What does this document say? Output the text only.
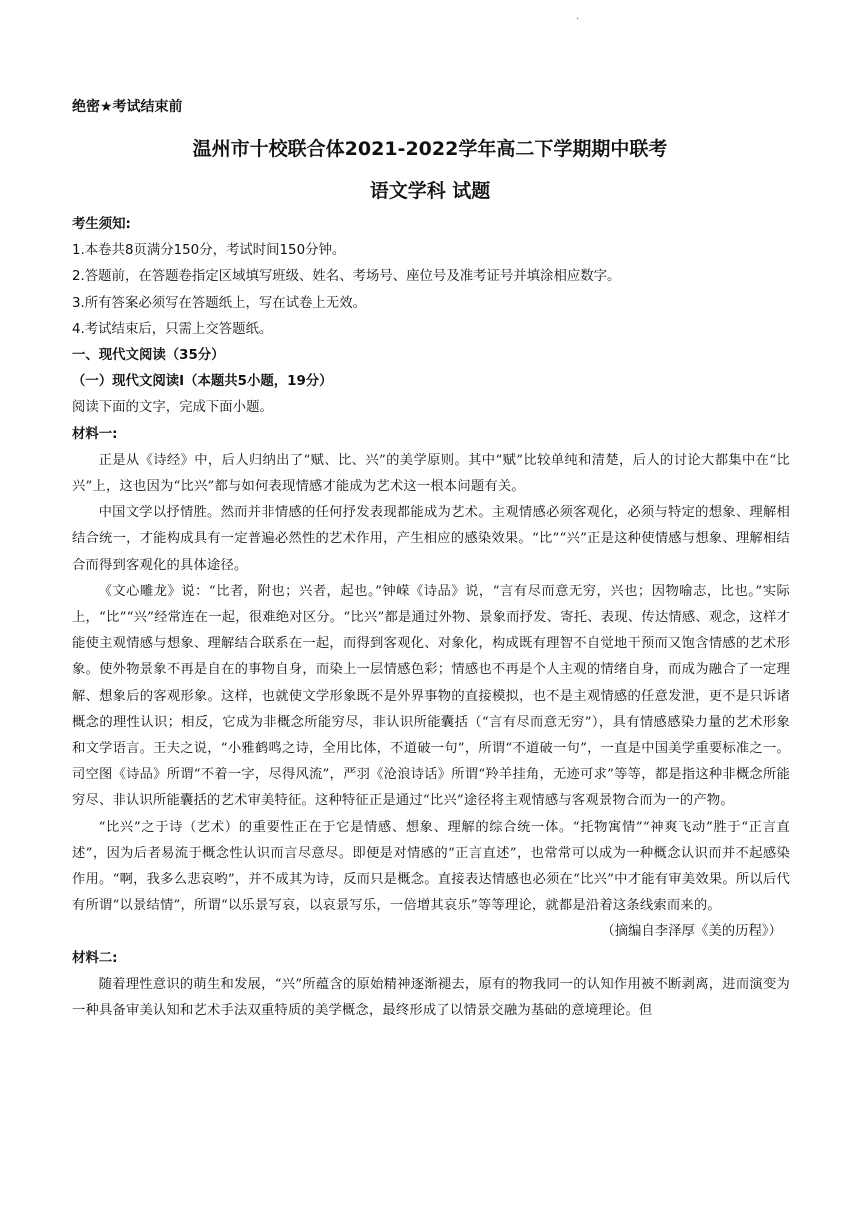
·
绝密★考试结束前
温州市十校联合体2021-2022学年高二下学期期中联考
语文学科 试题

考生须知:

1.本卷共8页满分150分，考试时间150分钟。

2.答题前，在答题卷指定区域填写班级、姓名、考场号、座位号及准考证号并填涂相应数字。

3.所有答案必须写在答题纸上，写在试卷上无效。

4.考试结束后，只需上交答题纸。

一、现代文阅读（35分）

（一）现代文阅读Ⅰ（本题共5小题，19分）

阅读下面的文字，完成下面小题。

材料一:

正是从《诗经》中，后人归纳出了“赋、比、兴”的美学原则。其中“赋”比较单纯和清楚，后人的讨论大都集中在“比兴”上，这也因为“比兴”都与如何表现情感才能成为艺术这一根本问题有关。

中国文学以抒情胜。然而并非情感的任何抒发表现都能成为艺术。主观情感必须客观化，必须与特定的想象、理解相结合统一，才能构成具有一定普遍必然性的艺术作用，产生相应的感染效果。“比”“兴”正是这种使情感与想象、理解相结合而得到客观化的具体途径。

《文心雕龙》说：“比者，附也；兴者，起也。”钟嵘《诗品》说，“言有尽而意无穷，兴也；因物喻志，比也。”实际上，“比”“兴”经常连在一起，很难绝对区分。“比兴”都是通过外物、景象而抒发、寄托、表现、传达情感、观念，这样才能使主观情感与想象、理解结合联系在一起，而得到客观化、对象化，构成既有理智不自觉地干预而又饱含情感的艺术形象。使外物景象不再是自在的事物自身，而染上一层情感色彩；情感也不再是个人主观的情绪自身，而成为融合了一定理解、想象后的客观形象。这样，也就使文学形象既不是外界事物的直接模拟，也不是主观情感的任意发泄，更不是只诉诸概念的理性认识；相反，它成为非概念所能穷尽，非认识所能囊括（“言有尽而意无穷”），具有情感感染力量的艺术形象和文学语言。王夫之说，“小雅鹤鸣之诗，全用比体，不道破一句”，所谓“不道破一句”，一直是中国美学重要标准之一。司空图《诗品》所谓“不着一字，尽得风流”，严羽《沧浪诗话》所谓“羚羊挂角，无迹可求”等等，都是指这种非概念所能穷尽、非认识所能囊括的艺术审美特征。这种特征正是通过“比兴”途径将主观情感与客观景物合而为一的产物。

“比兴”之于诗（艺术）的重要性正在于它是情感、想象、理解的综合统一体。“托物寓情”“神爽飞动”胜于“正言直述”，因为后者易流于概念性认识而言尽意尽。即便是对情感的“正言直述”，也常常可以成为一种概念认识而并不起感染作用。“啊，我多么悲哀哟”，并不成其为诗，反而只是概念。直接表达情感也必须在“比兴”中才能有审美效果。所以后代有所谓“以景结情”，所谓“以乐景写哀，以哀景写乐，一倍增其哀乐”等等理论，就都是沿着这条线索而来的。

（摘编自李泽厚《美的历程》）

材料二:

随着理性意识的萌生和发展，“兴”所蕴含的原始精神逐渐褪去，原有的物我同一的认知作用被不断剥离，进而演变为一种具备审美认知和艺术手法双重特质的美学概念，最终形成了以情景交融为基础的意境理论。但
